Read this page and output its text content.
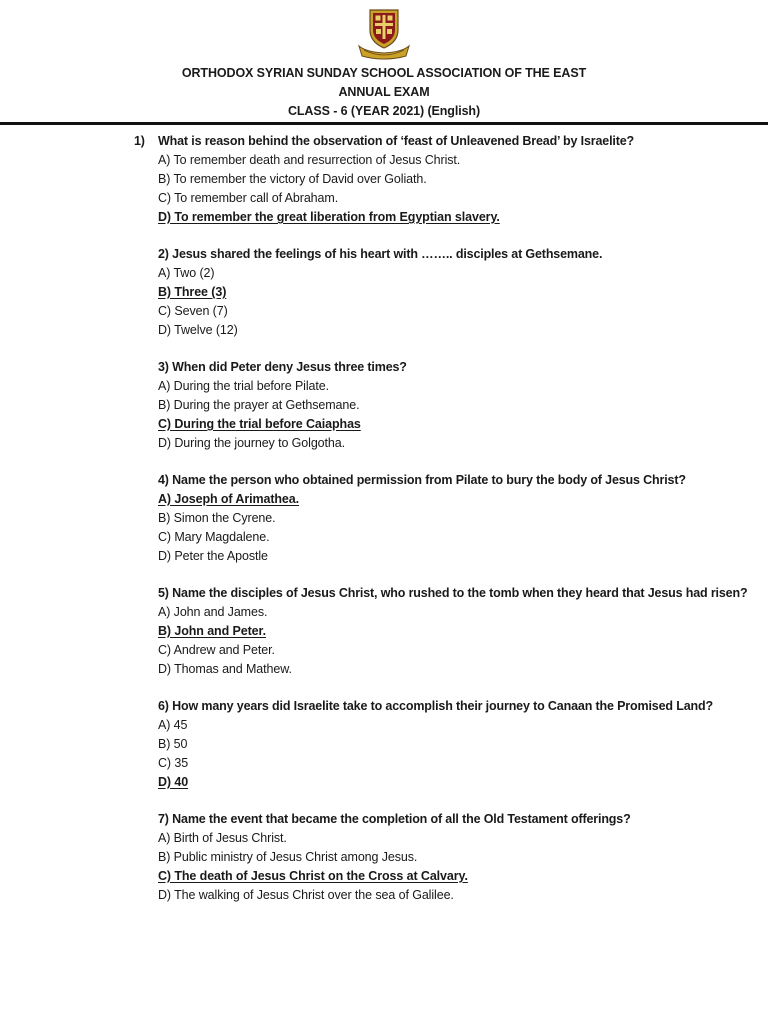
ORTHODOX SYRIAN SUNDAY SCHOOL ASSOCIATION OF THE EAST
ANNUAL EXAM
CLASS - 6 (YEAR 2021) (English)
1) What is reason behind the observation of ‘feast of Unleavened Bread’ by Israelite?
A) To remember death and resurrection of Jesus Christ.
B) To remember the victory of David over Goliath.
C) To remember call of Abraham.
D) To remember the great liberation from Egyptian slavery.
2) Jesus shared the feelings of his heart with …….. disciples at Gethsemane.
A) Two (2)
B) Three (3)
C) Seven (7)
D) Twelve (12)
3) When did Peter deny Jesus three times?
A) During the trial before Pilate.
B) During the prayer at Gethsemane.
C) During the trial before Caiaphas
D) During the journey to Golgotha.
4) Name the person who obtained permission from Pilate to bury the body of Jesus Christ?
A) Joseph of Arimathea.
B) Simon the Cyrene.
C) Mary Magdalene.
D) Peter the Apostle
5) Name the disciples of Jesus Christ, who rushed to the tomb when they heard that Jesus had risen?
A) John and James.
B) John and Peter.
C) Andrew and Peter.
D) Thomas and Mathew.
6) How many years did Israelite take to accomplish their journey to Canaan the Promised Land?
A) 45
B) 50
C) 35
D) 40
7) Name the event that became the completion of all the Old Testament offerings?
A) Birth of Jesus Christ.
B) Public ministry of Jesus Christ among Jesus.
C) The death of Jesus Christ on the Cross at Calvary.
D) The walking of Jesus Christ over the sea of Galilee.
